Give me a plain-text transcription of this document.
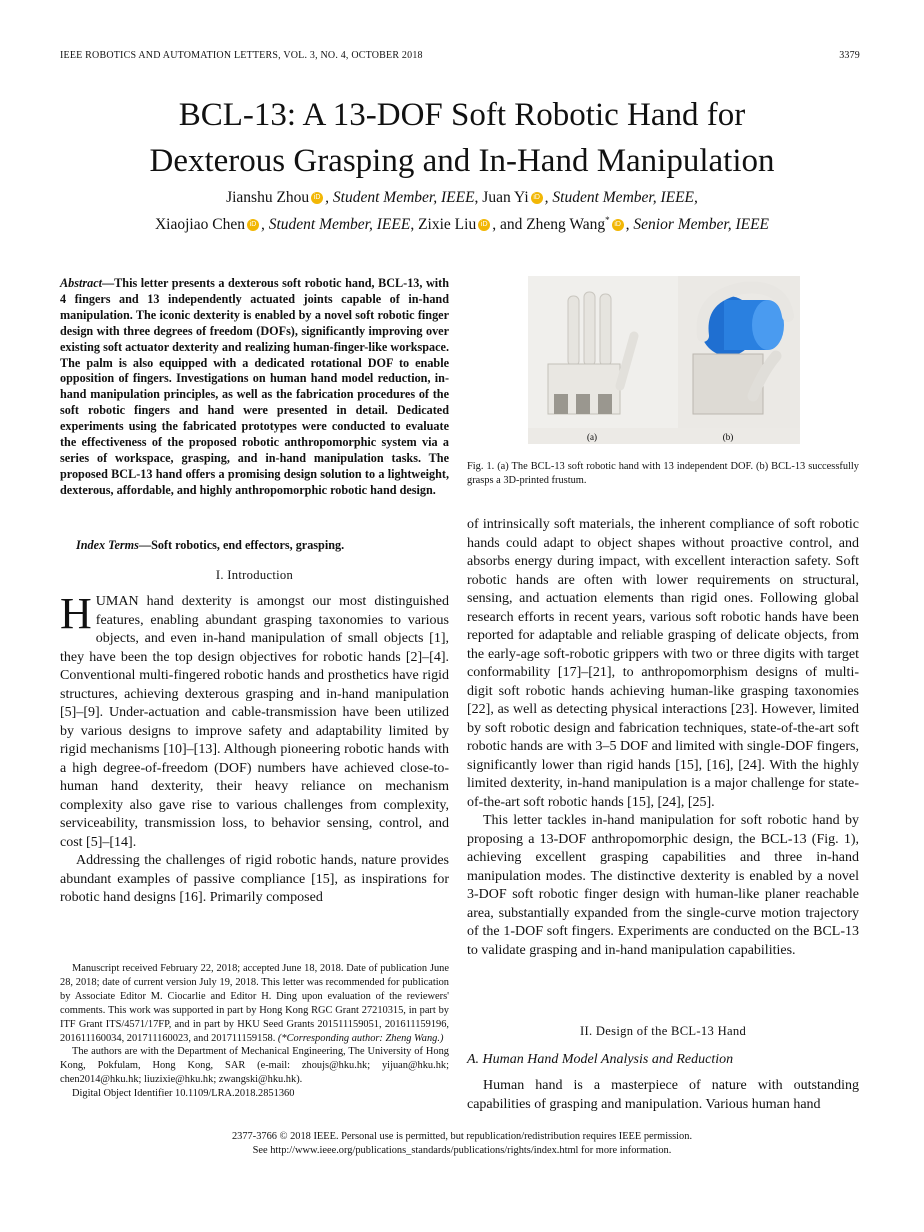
IEEE ROBOTICS AND AUTOMATION LETTERS, VOL. 3, NO. 4, OCTOBER 2018	3379
BCL-13: A 13-DOF Soft Robotic Hand for
Dexterous Grasping and In-Hand Manipulation
Jianshu Zhou iD , Student Member, IEEE, Juan Yi iD , Student Member, IEEE,
Xiaojiao Chen iD , Student Member, IEEE, Zixie Liu iD , and Zheng Wang* iD , Senior Member, IEEE
Abstract—This letter presents a dexterous soft robotic hand, BCL-13, with 4 fingers and 13 independently actuated joints capable of in-hand manipulation. The iconic dexterity is enabled by a novel soft robotic finger design with three degrees of freedom (DOFs), significantly improving over existing soft actuator dexterity and realizing human-finger-like workspace. The palm is also equipped with a dedicated rotational DOF to enable opposition of fingers. Investigations on human hand model reduction, in-hand manipulation principles, as well as the fabrication procedures of the soft robotic fingers and hand were presented in detail. Dedicated experiments using the fabricated prototypes were conducted to evaluate the effectiveness of the proposed robotic anthropomorphic system via a series of workspace, grasping, and in-hand manipulation tasks. The proposed BCL-13 hand offers a promising design solution to a lightweight, dexterous, affordable, and highly anthropomorphic robotic hand design.
Index Terms—Soft robotics, end effectors, grasping.
I. Introduction

HUMAN hand dexterity is amongst our most distinguished features, enabling abundant grasping taxonomies to various objects, and even in-hand manipulation of small objects [1], they have been the top design objectives for robotic hands [2]–[4]. Conventional multi-fingered robotic hands and prosthetics have rigid structures, achieving dexterous grasping and in-hand manipulation [5]–[9]. Under-actuation and cable-transmission have been utilized by various designs to improve safety and adaptability limited by rigid mechanisms [10]–[13]. Although pioneering robotic hands with a high degree-of-freedom (DOF) numbers have achieved close-to-human hand dexterity, their heavy reliance on mechanism complexity also gave rise to various challenges from complexity, serviceability, transmission loss, to behavior sensing, control, and cost [5]–[14].

Addressing the challenges of rigid robotic hands, nature provides abundant examples of passive compliance [15], as inspirations for robotic hand designs [16]. Primarily composed

Manuscript received February 22, 2018; accepted June 18, 2018. Date of publication June 28, 2018; date of current version July 19, 2018. This letter was recommended for publication by Associate Editor M. Ciocarlie and Editor H. Ding upon evaluation of the reviewers' comments. This work was supported in part by Hong Kong RGC Grant 27210315, in part by ITF Grant ITS/4571/17FP, and in part by HKU Seed Grants 201511159051, 201611159196, 201611160034, 201711160023, and 201711159158. (*Corresponding author: Zheng Wang.)

The authors are with the Department of Mechanical Engineering, The University of Hong Kong, Pokfulam, Hong Kong, SAR (e-mail: zhoujs@hku.hk; yijuan@hku.hk; chen2014@hku.hk; liuzixie@hku.hk; zwangski@hku.hk).

Digital Object Identifier 10.1109/LRA.2018.2851360

(a)	(b)
Fig. 1. (a) The BCL-13 soft robotic hand with 13 independent DOF. (b) BCL-13 successfully grasps a 3D-printed frustum.

of intrinsically soft materials, the inherent compliance of soft robotic hands could adapt to object shapes without proactive control, and absorbs energy during impact, with excellent interaction safety. Soft robotic hands are often with lower requirements on structural, sensing, and actuation elements than rigid ones. Following global research efforts in recent years, various soft robotic hands have been reported for adaptable and reliable grasping of delicate objects, from the early-age soft-robotic grippers with two or three digits with target conformability [17]–[21], to anthropomorphism designs of multi-digit soft robotic hands achieving human-like grasping taxonomies [22], as well as detecting physical interactions [23]. However, limited by soft robotic design and fabrication techniques, state-of-the-art soft robotic hands are with 3–5 DOF and limited with single-DOF fingers, significantly lower than rigid hands [15], [16], [24]. With the highly limited dexterity, in-hand manipulation is a major challenge for state-of-the-art soft robotic hands [15], [24], [25].

This letter tackles in-hand manipulation for soft robotic hand by proposing a 13-DOF anthropomorphic design, the BCL-13 (Fig. 1), achieving excellent grasping capabilities and three in-hand manipulation modes. The distinctive dexterity is enabled by a novel 3-DOF soft robotic finger design with human-like planer reachable area, substantially expanded from the single-curve motion trajectory of the 1-DOF soft fingers. Experiments are conducted on the BCL-13 to validate grasping and in-hand manipulation capabilities.

II. Design of the BCL-13 Hand
A. Human Hand Model Analysis and Reduction
Human hand is a masterpiece of nature with outstanding capabilities of grasping and manipulation. Various human hand
2377-3766 © 2018 IEEE. Personal use is permitted, but republication/redistribution requires IEEE permission.
See http://www.ieee.org/publications_standards/publications/rights/index.html for more information.
